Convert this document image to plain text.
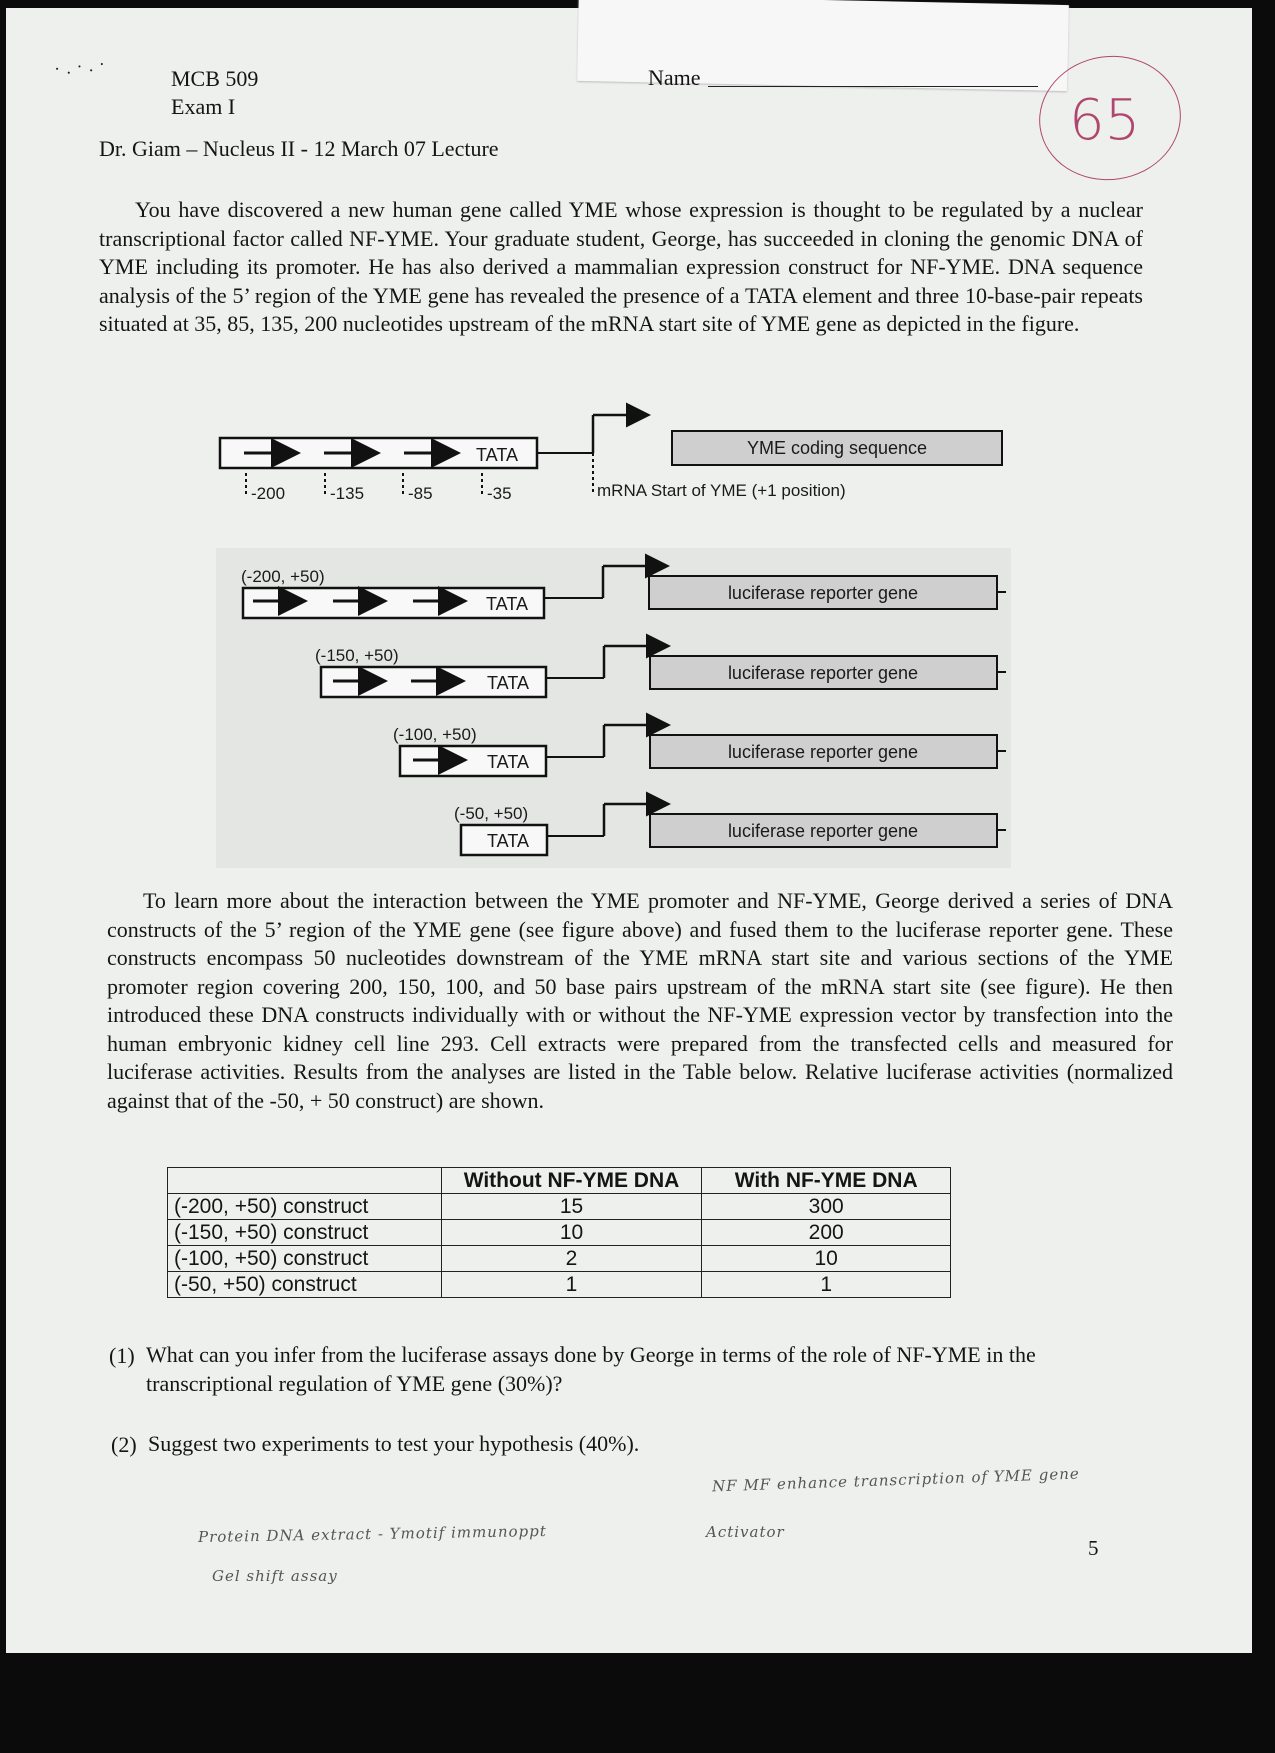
MCB 509
Exam I
Name
65
Dr. Giam – Nucleus II - 12 March 07 Lecture

You have discovered a new human gene called YME whose expression is thought to be regulated by a nuclear transcriptional factor called NF-YME. Your graduate student, George, has succeeded in cloning the genomic DNA of YME including its promoter. He has also derived a mammalian expression construct for NF-YME. DNA sequence analysis of the 5’ region of the YME gene has revealed the presence of a TATA element and three 10-base-pair repeats situated at 35, 85, 135, 200 nucleotides upstream of the mRNA start site of YME gene as depicted in the figure.

TATA	YME coding sequence
-200	-135	-85	-35	mRNA Start of YME (+1 position)
(-200, +50)
TATA
luciferase reporter gene
(-150, +50)
TATA	luciferase reporter gene
(-100, +50)
TATA	luciferase reporter gene
(-50, +50)
TATA	luciferase reporter gene

To learn more about the interaction between the YME promoter and NF-YME, George derived a series of DNA constructs of the 5’ region of the YME gene (see figure above) and fused them to the luciferase reporter gene. These constructs encompass 50 nucleotides downstream of the YME mRNA start site and various sections of the YME promoter region covering 200, 150, 100, and 50 base pairs upstream of the mRNA start site (see figure). He then introduced these DNA constructs individually with or without the NF-YME expression vector by transfection into the human embryonic kidney cell line 293. Cell extracts were prepared from the transfected cells and measured for luciferase activities. Results from the analyses are listed in the Table below. Relative luciferase activities (normalized against that of the -50, + 50 construct) are shown.

	Without NF-YME DNA	With NF-YME DNA
(-200, +50) construct	15	300
(-150, +50) construct	10	200
(-100, +50) construct	2	10
(-50, +50) construct	1	1
(1) What can you infer from the luciferase assays done by George in terms of the role of NF-YME in the
transcriptional regulation of YME gene (30%)?
(2) Suggest two experiments to test your hypothesis (40%).
NF MF enhance transcription of YME gene
Activator
Protein DNA extract - Ymotif immunoppt
Gel shift assay
5
·.·.·
